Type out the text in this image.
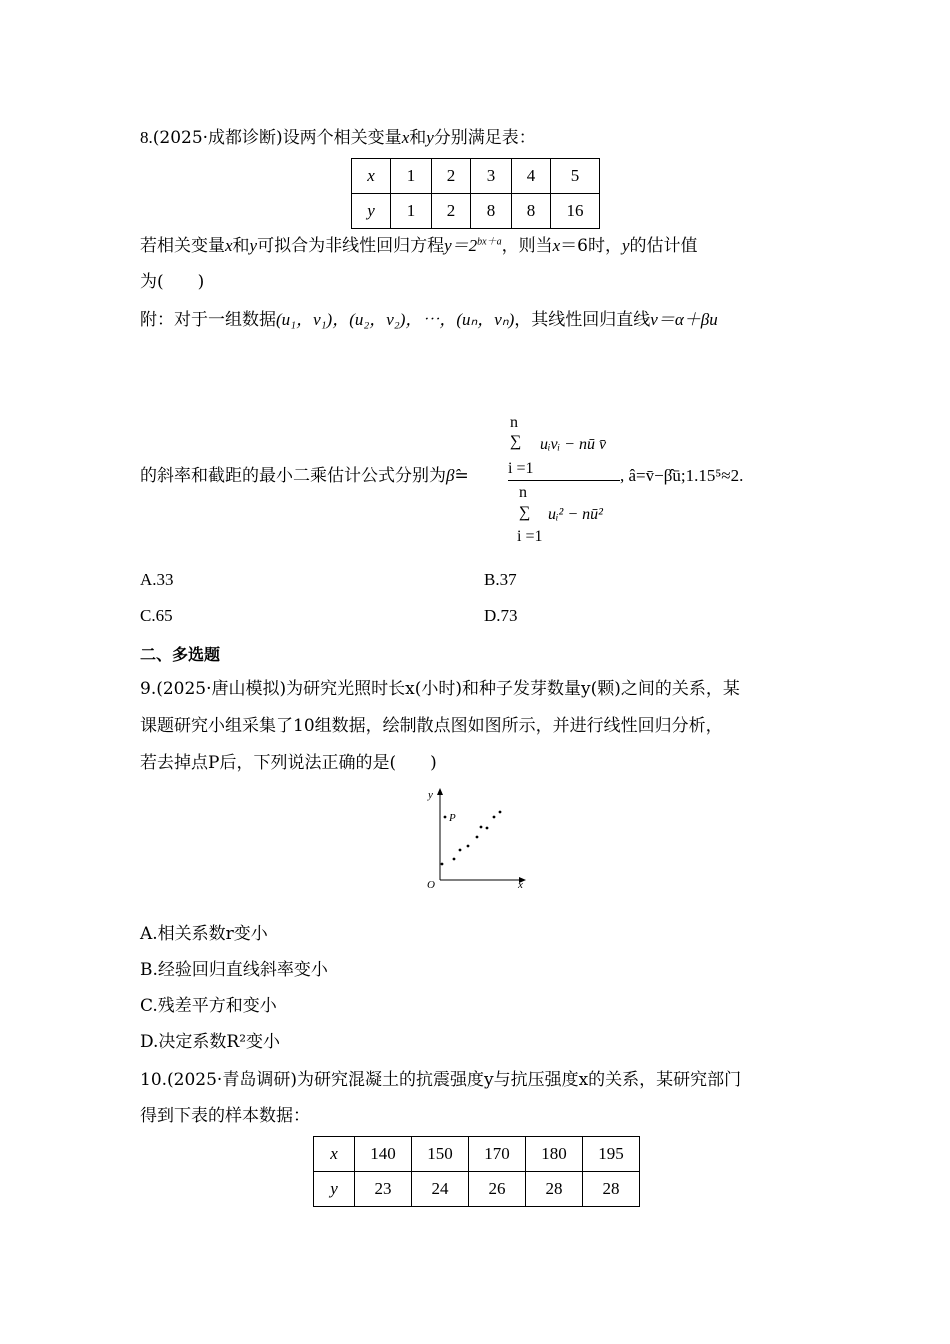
8.(2025·成都诊断)设两个相关变量x和y分别满足表：
x	1	2	3	4	5
y	1	2	8	8	16
若相关变量x和y可拟合为非线性回归方程$y=2^{bx+a}$，则当x＝6时，y的估计值
为(　　)
附：对于一组数据(u₁，v₁)，(u₂，v₂)，⋯，(uₙ，vₙ)，其线性回归直线v＝α＋βu
的斜率和截距的最小二乘估计公式分别为β̂=
n
∑ uᵢvᵢ − nū v̄
i =1
n
∑ uᵢ² − nū²
i =1
, â=v̄−β̂ū;1.15⁵≈2.
A.33	B.37
C.65	D.73
二、多选题
9.(2025·唐山模拟)为研究光照时长x(小时)和种子发芽数量y(颗)之间的关系，某
课题研究小组采集了10组数据，绘制散点图如图所示，并进行线性回归分析，
若去掉点P后，下列说法正确的是(　　)
y
x
O
P
A.相关系数r变小
B.经验回归直线斜率变小
C.残差平方和变小
D.决定系数R²变小
10.(2025·青岛调研)为研究混凝土的抗震强度y与抗压强度x的关系，某研究部门
得到下表的样本数据：
x	140	150	170	180	195
y	23	24	26	28	28
